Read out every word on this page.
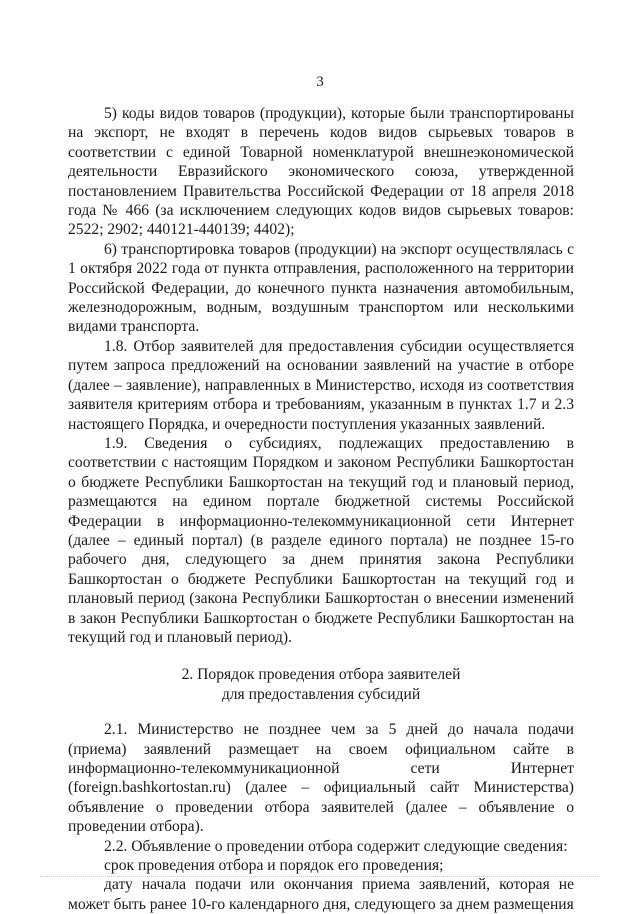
3

5) коды видов товаров (продукции), которые были транспортированы на экспорт, не входят в перечень кодов видов сырьевых товаров в соответствии с единой Товарной номенклатурой внешнеэкономической деятельности Евразийского экономического союза, утвержденной постановлением Правительства Российской Федерации от 18 апреля 2018 года № 466 (за исключением следующих кодов видов сырьевых товаров: 2522; 2902; 440121-440139; 4402);

6) транспортировка товаров (продукции) на экспорт осуществлялась с 1 октября 2022 года от пункта отправления, расположенного на территории Российской Федерации, до конечного пункта назначения автомобильным, железнодорожным, водным, воздушным транспортом или несколькими видами транспорта.

1.8. Отбор заявителей для предоставления субсидии осуществляется путем запроса предложений на основании заявлений на участие в отборе (далее – заявление), направленных в Министерство, исходя из соответствия заявителя критериям отбора и требованиям, указанным в пунктах 1.7 и 2.3 настоящего Порядка, и очередности поступления указанных заявлений.

1.9. Сведения о субсидиях, подлежащих предоставлению в соответствии с настоящим Порядком и законом Республики Башкортостан о бюджете Республики Башкортостан на текущий год и плановый период, размещаются на едином портале бюджетной системы Российской Федерации в информационно-телекоммуникационной сети Интернет (далее – единый портал) (в разделе единого портала) не позднее 15-го рабочего дня, следующего за днем принятия закона Республики Башкортостан о бюджете Республики Башкортостан на текущий год и плановый период (закона Республики Башкортостан о внесении изменений в закон Республики Башкортостан о бюджете Республики Башкортостан на текущий год и плановый период).

2. Порядок проведения отбора заявителей
для предоставления субсидий

2.1. Министерство не позднее чем за 5 дней до начала подачи (приема) заявлений размещает на своем официальном сайте в информационно-телекоммуникационной сети Интернет (foreign.bashkortostan.ru) (далее – официальный сайт Министерства) объявление о проведении отбора заявителей (далее – объявление о проведении отбора).

2.2. Объявление о проведении отбора содержит следующие сведения:

срок проведения отбора и порядок его проведения;

дату начала подачи или окончания приема заявлений, которая не может быть ранее 10-го календарного дня, следующего за днем размещения
